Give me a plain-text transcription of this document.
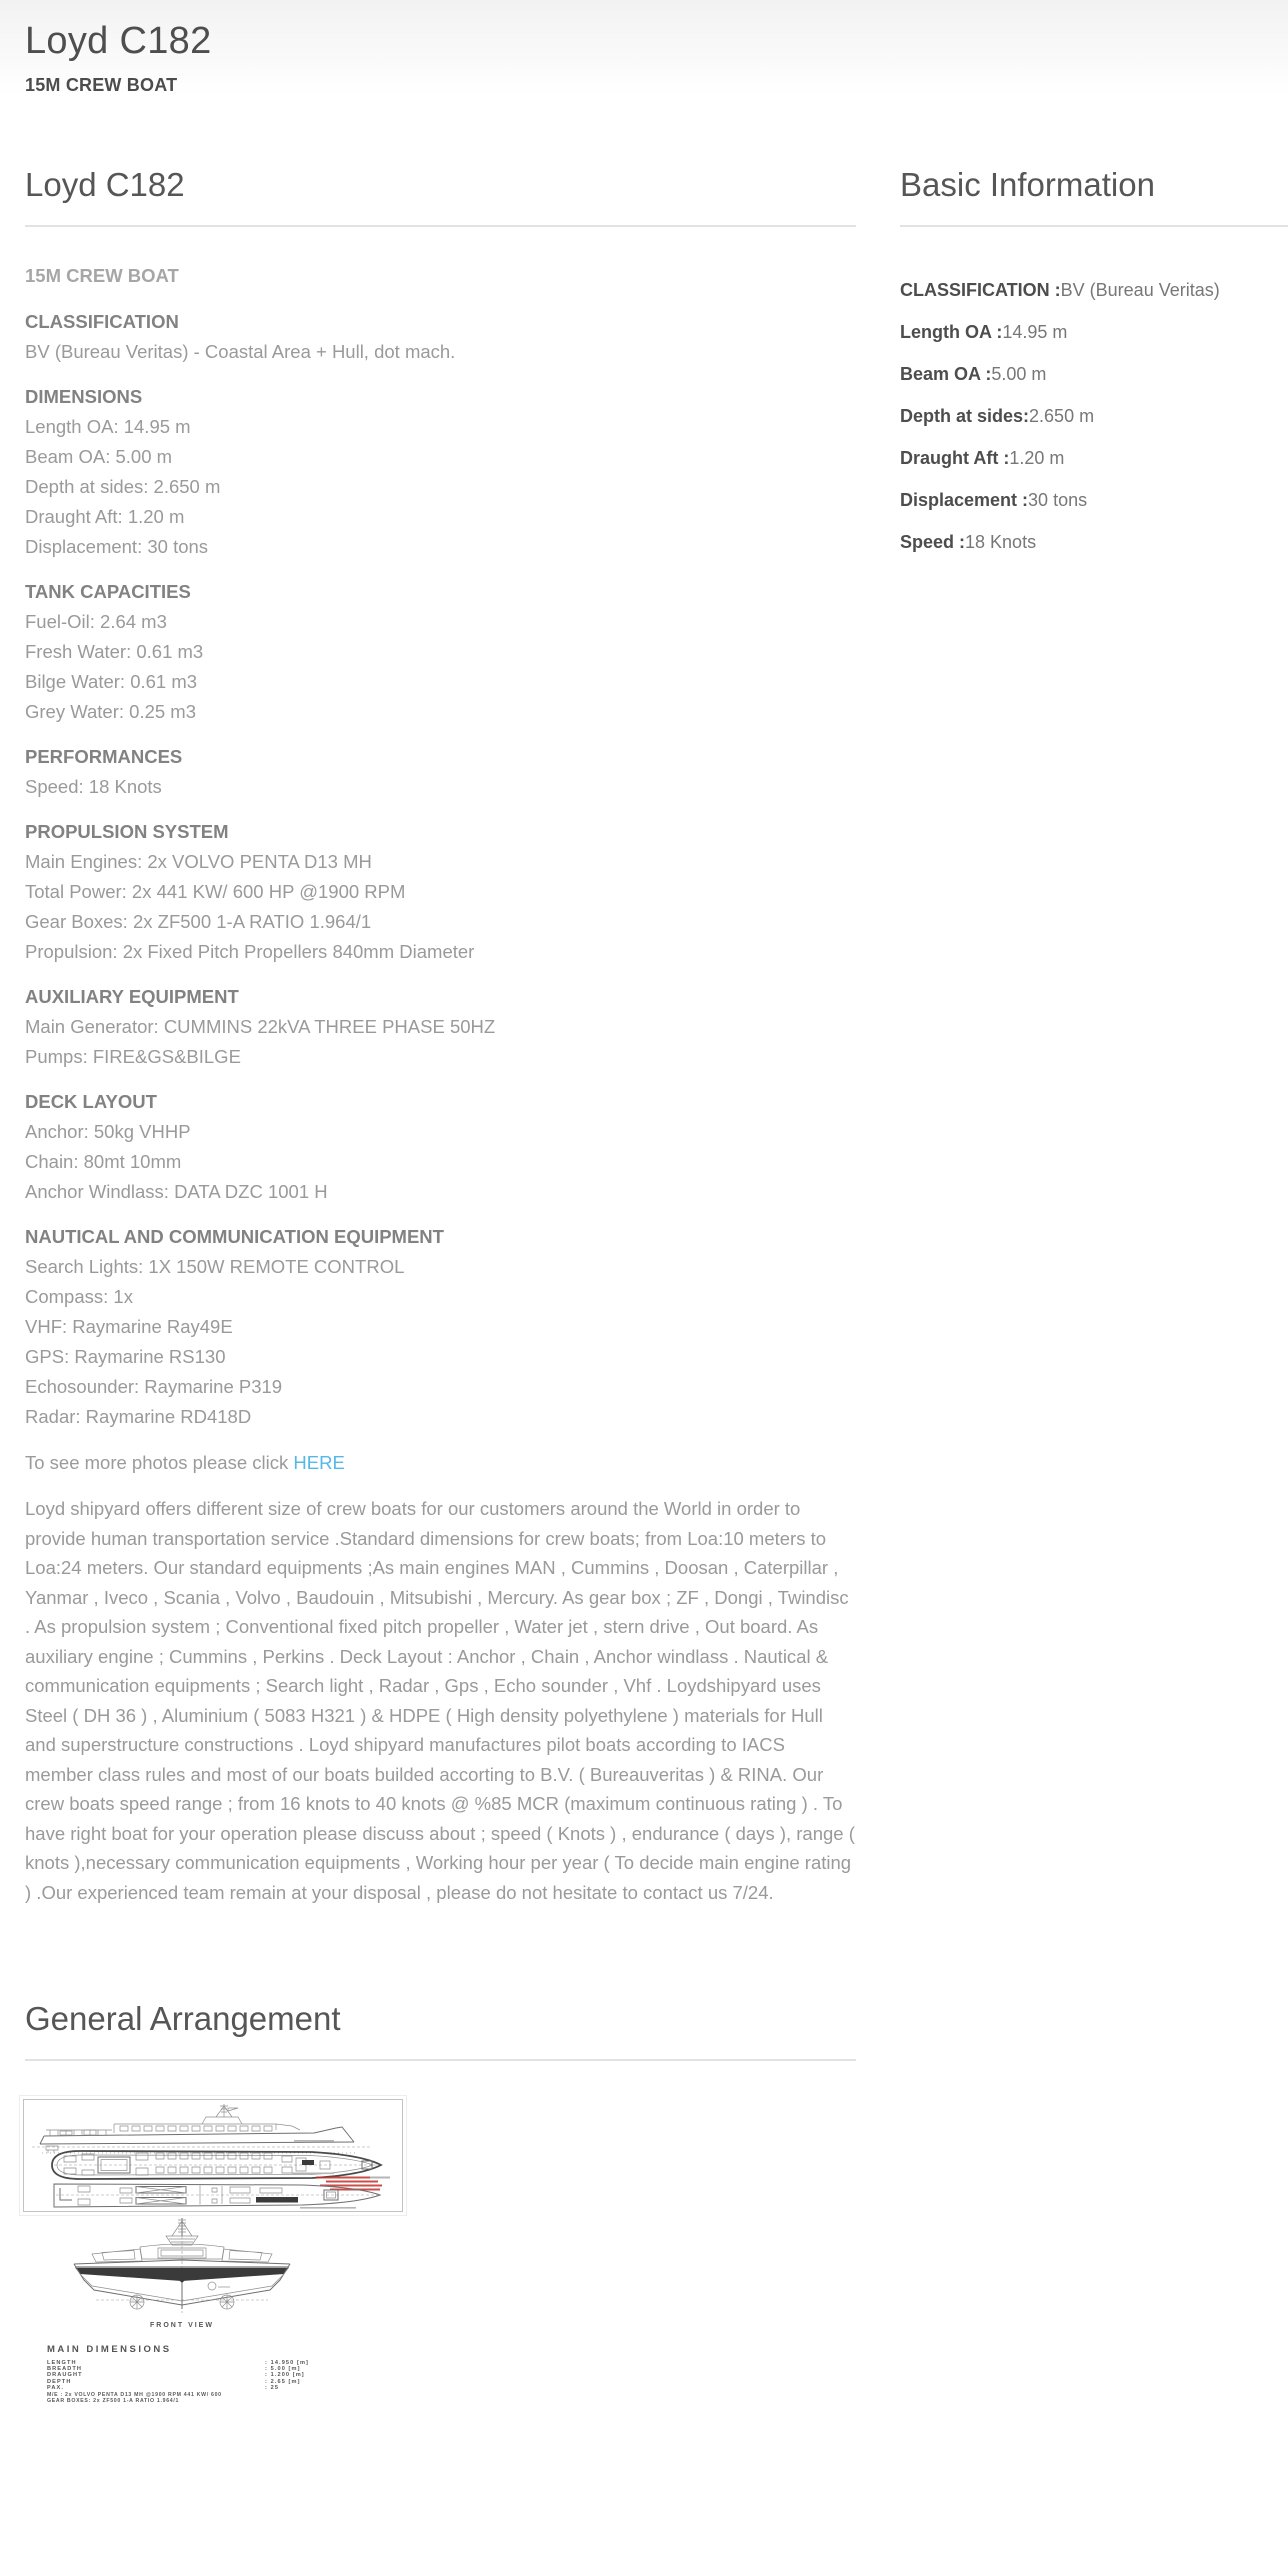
Loyd C182
15M CREW BOAT
Loyd C182
15M CREW BOAT
CLASSIFICATION
BV (Bureau Veritas) - Coastal Area + Hull, dot mach.
DIMENSIONS
Length OA: 14.95 m
Beam OA: 5.00 m
Depth at sides: 2.650 m
Draught Aft: 1.20 m
Displacement: 30 tons
TANK CAPACITIES
Fuel-Oil: 2.64 m3
Fresh Water: 0.61 m3
Bilge Water: 0.61 m3
Grey Water: 0.25 m3
PERFORMANCES
Speed: 18 Knots
PROPULSION SYSTEM
Main Engines: 2x VOLVO PENTA D13 MH
Total Power: 2x 441 KW/ 600 HP @1900 RPM
Gear Boxes: 2x ZF500 1-A RATIO 1.964/1
Propulsion: 2x Fixed Pitch Propellers 840mm Diameter
AUXILIARY EQUIPMENT
Main Generator: CUMMINS 22kVA THREE PHASE 50HZ
Pumps: FIRE&GS&BILGE
DECK LAYOUT
Anchor: 50kg VHHP
Chain: 80mt 10mm
Anchor Windlass: DATA DZC 1001 H
NAUTICAL AND COMMUNICATION EQUIPMENT
Search Lights: 1X 150W REMOTE CONTROL
Compass: 1x
VHF: Raymarine Ray49E
GPS: Raymarine RS130
Echosounder: Raymarine P319
Radar: Raymarine RD418D
To see more photos please click HERE
Loyd shipyard offers different size of crew boats for our customers around the World in order to provide human transportation service .Standard dimensions for crew boats; from Loa:10 meters to Loa:24 meters. Our standard equipments ;As main engines MAN , Cummins , Doosan , Caterpillar , Yanmar , Iveco , Scania , Volvo , Baudouin , Mitsubishi , Mercury. As gear box ; ZF , Dongi , Twindisc . As propulsion system ; Conventional fixed pitch propeller , Water jet , stern drive , Out board. As auxiliary engine ; Cummins , Perkins . Deck Layout : Anchor , Chain , Anchor windlass . Nautical & communication equipments ; Search light , Radar , Gps , Echo sounder , Vhf . Loydshipyard uses Steel ( DH 36 ) , Aluminium ( 5083 H321 ) & HDPE ( High density polyethylene ) materials for Hull and superstructure constructions . Loyd shipyard manufactures pilot boats according to IACS member class rules and most of our boats builded accorting to B.V. ( Bureauveritas ) & RINA. Our crew boats speed range ; from 16 knots to 40 knots @ %85 MCR (maximum continuous rating ) . To have right boat for your operation please discuss about ; speed ( Knots ) , endurance ( days ), range ( knots ),necessary communication equipments , Working hour per year ( To decide main engine rating ) .Our experienced team remain at your disposal , please do not hesitate to contact us 7/24.
Basic Information
CLASSIFICATION :BV (Bureau Veritas)
Length OA :14.95 m
Beam OA :5.00 m
Depth at sides:2.650 m
Draught Aft :1.20 m
Displacement :30 tons
Speed :18 Knots
General Arrangement
FRONT VIEW
MAIN DIMENSIONS
LENGTH	: 14.950 [m]
BREADTH	: 5.00 [m]
DRAUGHT	: 1.200 [m]
DEPTH	: 2.65 [m]
PAX.	: 25
M/E : 2x VOLVO PENTA D13 MH @1900 RPM 441 KW/ 600
GEAR BOXES: 2x ZF500 1-A RATIO 1.964/1
